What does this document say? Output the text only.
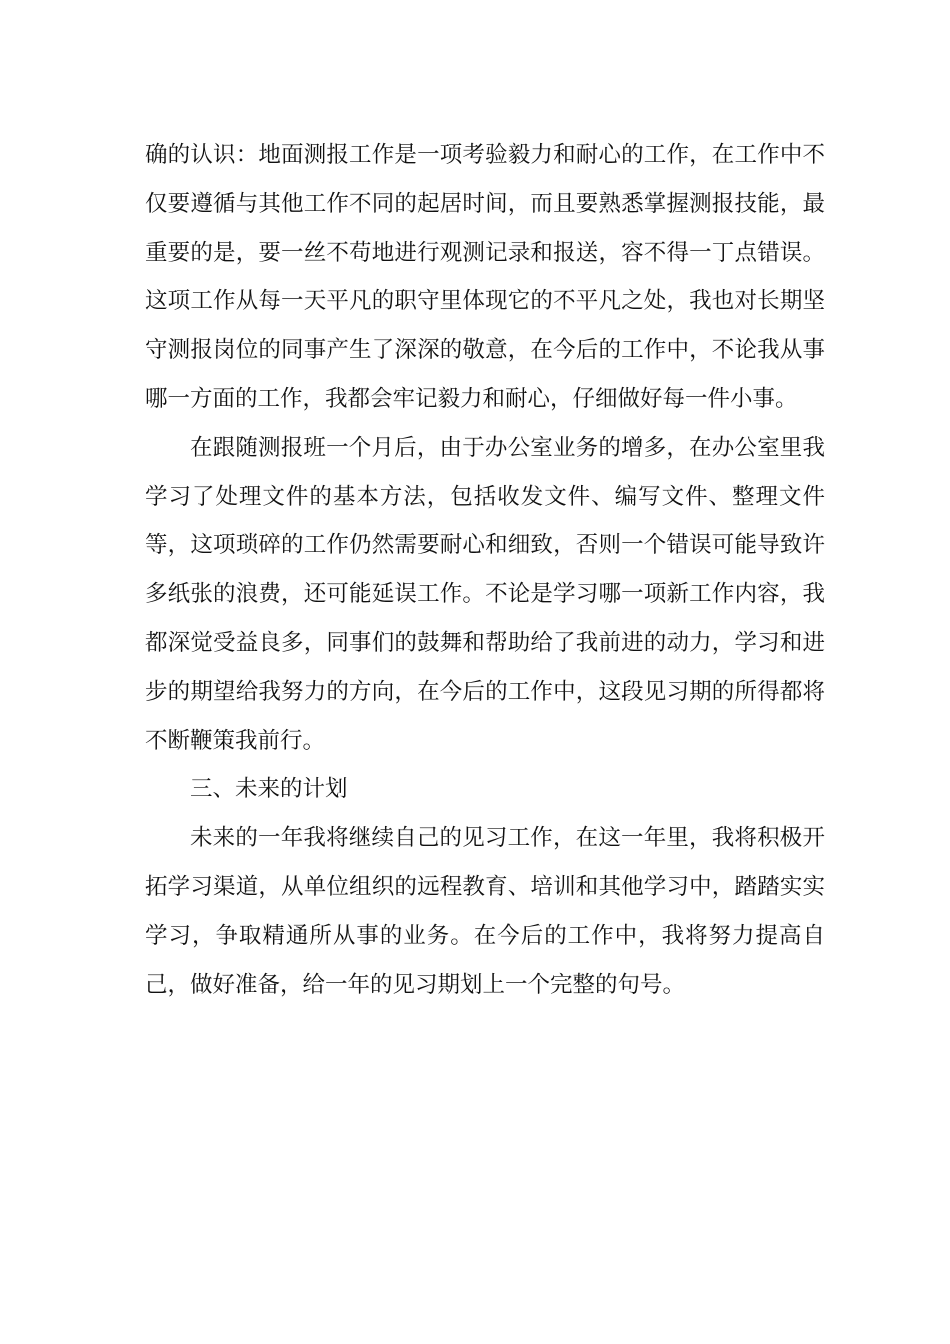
确的认识：地面测报工作是一项考验毅力和耐心的工作，在工作中不仅要遵循与其他工作不同的起居时间，而且要熟悉掌握测报技能，最重要的是，要一丝不苟地进行观测记录和报送，容不得一丁点错误。这项工作从每一天平凡的职守里体现它的不平凡之处，我也对长期坚守测报岗位的同事产生了深深的敬意，在今后的工作中，不论我从事哪一方面的工作，我都会牢记毅力和耐心，仔细做好每一件小事。

在跟随测报班一个月后，由于办公室业务的增多，在办公室里我学习了处理文件的基本方法，包括收发文件、编写文件、整理文件等，这项琐碎的工作仍然需要耐心和细致，否则一个错误可能导致许多纸张的浪费，还可能延误工作。不论是学习哪一项新工作内容，我都深觉受益良多，同事们的鼓舞和帮助给了我前进的动力，学习和进步的期望给我努力的方向，在今后的工作中，这段见习期的所得都将不断鞭策我前行。

三、未来的计划

未来的一年我将继续自己的见习工作，在这一年里，我将积极开拓学习渠道，从单位组织的远程教育、培训和其他学习中，踏踏实实学习，争取精通所从事的业务。在今后的工作中，我将努力提高自己，做好准备，给一年的见习期划上一个完整的句号。
